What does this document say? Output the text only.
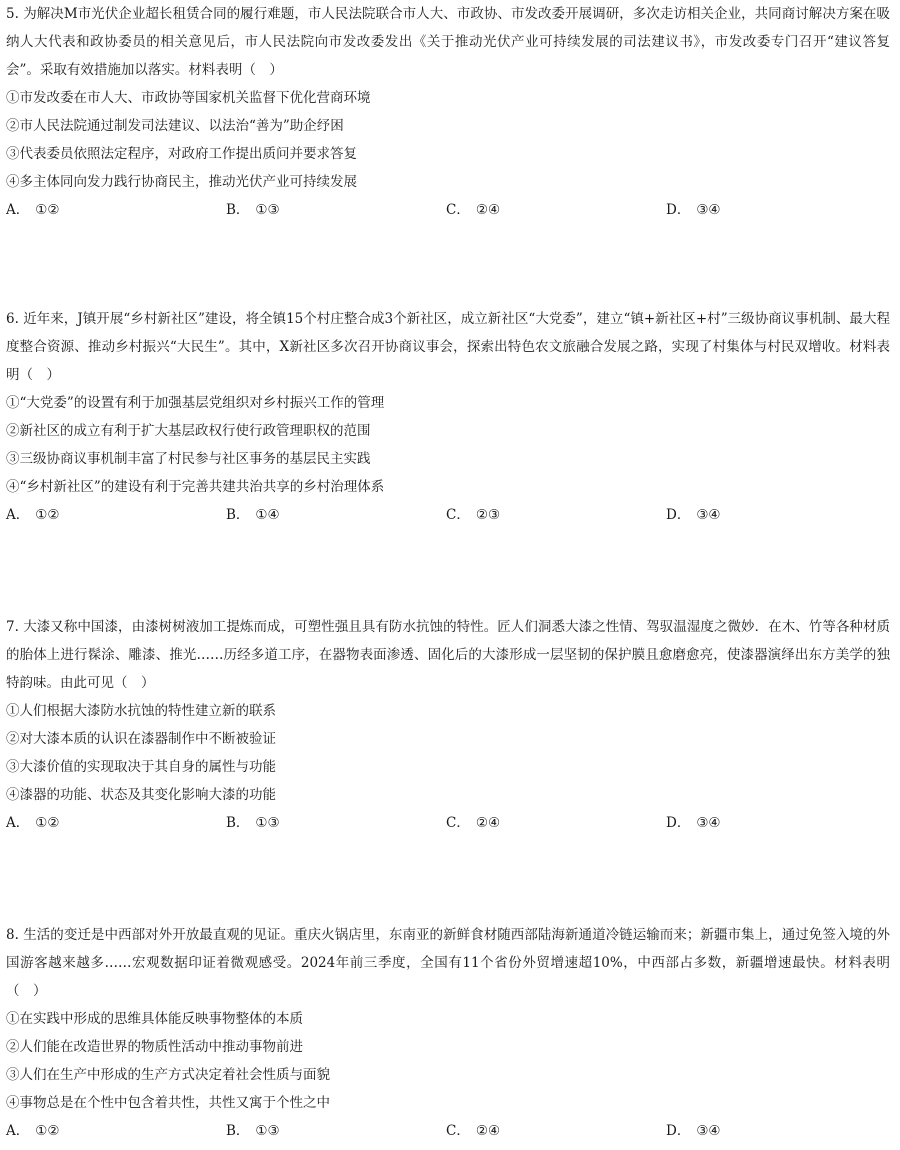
5. 为解决M市光伏企业超长租赁合同的履行难题，市人民法院联合市人大、市政协、市发改委开展调研，多次走访相关企业，共同商讨解决方案在吸纳人大代表和政协委员的相关意见后，市人民法院向市发改委发出《关于推动光伏产业可持续发展的司法建议书》，市发改委专门召开“建议答复会”。采取有效措施加以落实。材料表明（　）

①市发改委在市人大、市政协等国家机关监督下优化营商环境

②市人民法院通过制发司法建议、以法治“善为”助企纾困

③代表委员依照法定程序，对政府工作提出质问并要求答复

④多主体同向发力践行协商民主，推动光伏产业可持续发展

A． ①②	B． ①③	C． ②④	D． ③④

6. 近年来，J镇开展“乡村新社区”建设，将全镇15个村庄整合成3个新社区，成立新社区“大党委”，建立“镇+新社区+村”三级协商议事机制、最大程度整合资源、推动乡村振兴“大民生”。其中，X新社区多次召开协商议事会，探索出特色农文旅融合发展之路，实现了村集体与村民双增收。材料表明（　）

①“大党委”的设置有利于加强基层党组织对乡村振兴工作的管理

②新社区的成立有利于扩大基层政权行使行政管理职权的范围

③三级协商议事机制丰富了村民参与社区事务的基层民主实践

④“乡村新社区”的建设有利于完善共建共治共享的乡村治理体系

A． ①②	B． ①④	C． ②③	D． ③④

7. 大漆又称中国漆，由漆树树液加工提炼而成，可塑性强且具有防水抗蚀的特性。匠人们洞悉大漆之性情、驾驭温湿度之微妙．在木、竹等各种材质的胎体上进行髹涂、雕漆、推光……历经多道工序，在器物表面渗透、固化后的大漆形成一层坚韧的保护膜且愈磨愈亮，使漆器演绎出东方美学的独特韵味。由此可见（　）

①人们根据大漆防水抗蚀的特性建立新的联系

②对大漆本质的认识在漆器制作中不断被验证

③大漆价值的实现取决于其自身的属性与功能

④漆器的功能、状态及其变化影响大漆的功能

A． ①②	B． ①③	C． ②④	D． ③④

8. 生活的变迁是中西部对外开放最直观的见证。重庆火锅店里，东南亚的新鲜食材随西部陆海新通道冷链运输而来；新疆市集上，通过免签入境的外国游客越来越多……宏观数据印证着微观感受。2024年前三季度，全国有11个省份外贸增速超10%，中西部占多数，新疆增速最快。材料表明（　）

①在实践中形成的思维具体能反映事物整体的本质

②人们能在改造世界的物质性活动中推动事物前进

③人们在生产中形成的生产方式决定着社会性质与面貌

④事物总是在个性中包含着共性，共性又寓于个性之中

A． ①②	B． ①③	C． ②④	D． ③④
